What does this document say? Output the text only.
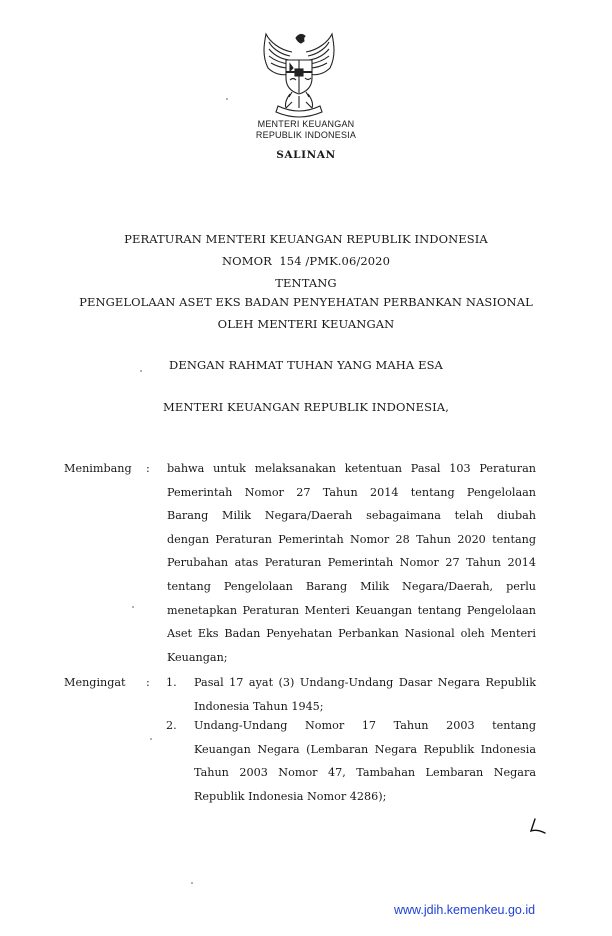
MENTERI KEUANGAN
REPUBLIK INDONESIA
SALINAN
PERATURAN MENTERI KEUANGAN REPUBLIK INDONESIA
NOMOR 154 /PMK.06/2020
TENTANG
PENGELOLAAN ASET EKS BADAN PENYEHATAN PERBANKAN NASIONAL
OLEH MENTERI KEUANGAN
DENGAN RAHMAT TUHAN YANG MAHA ESA
MENTERI KEUANGAN REPUBLIK INDONESIA,
Menimbang : bahwa untuk melaksanakan ketentuan Pasal 103 Peraturan
Pemerintah Nomor 27 Tahun 2014 tentang Pengelolaan
Barang Milik Negara/Daerah sebagaimana telah diubah
dengan Peraturan Pemerintah Nomor 28 Tahun 2020 tentang
Perubahan atas Peraturan Pemerintah Nomor 27 Tahun 2014
tentang Pengelolaan Barang Milik Negara/Daerah, perlu
menetapkan Peraturan Menteri Keuangan tentang Pengelolaan
Aset Eks Badan Penyehatan Perbankan Nasional oleh Menteri
Keuangan;
Mengingat : 1. Pasal 17 ayat (3) Undang-Undang Dasar Negara Republik
Indonesia Tahun 1945;
2. Undang-Undang Nomor 17 Tahun 2003 tentang
Keuangan Negara (Lembaran Negara Republik Indonesia
Tahun 2003 Nomor 47, Tambahan Lembaran Negara
Republik Indonesia Nomor 4286);
www.jdih.kemenkeu.go.id
